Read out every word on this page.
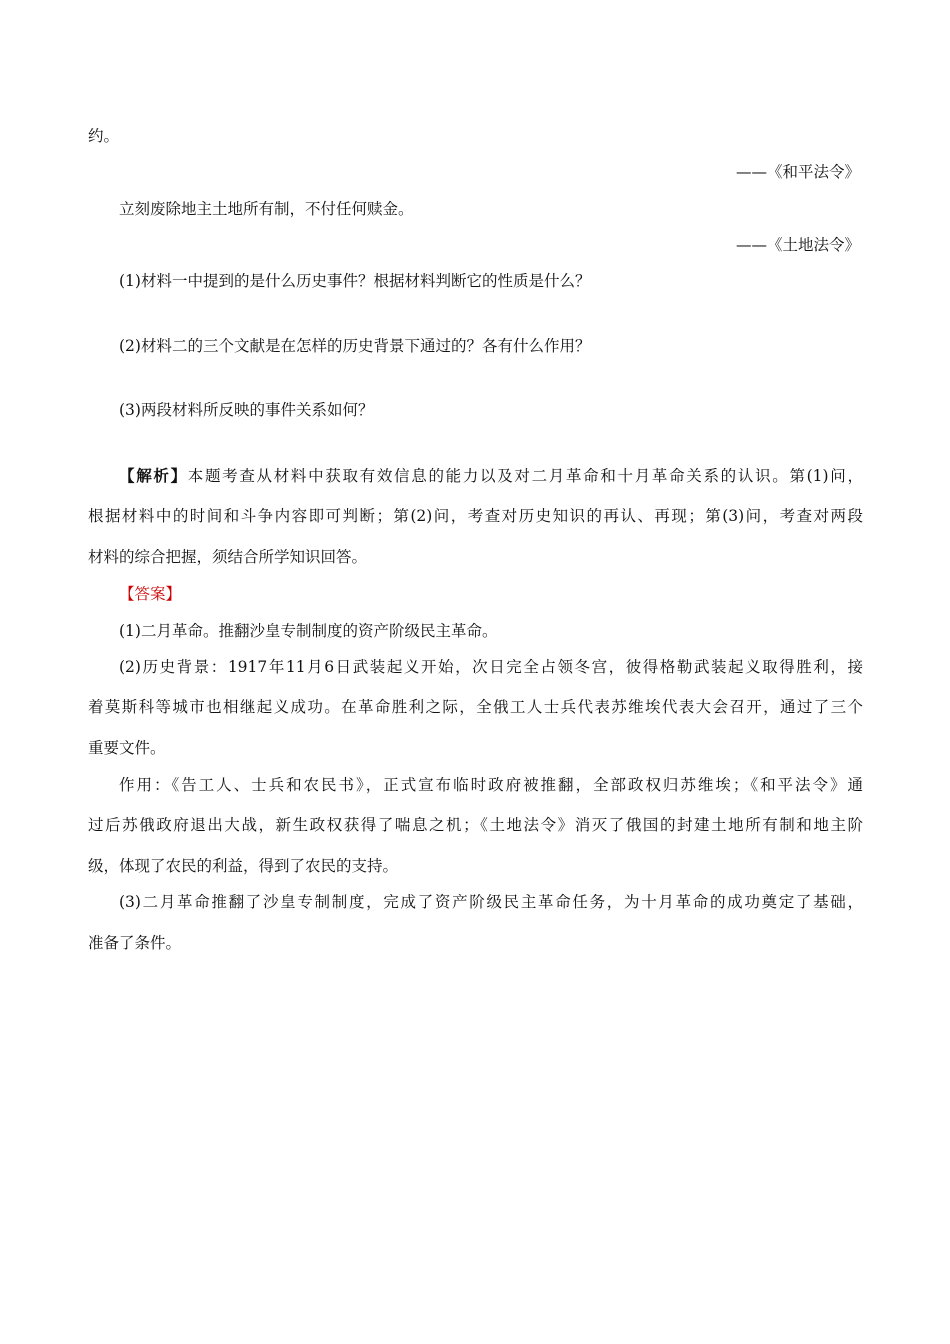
约。
——《和平法令》
立刻废除地主土地所有制，不付任何赎金。
——《土地法令》
(1)材料一中提到的是什么历史事件？根据材料判断它的性质是什么？
(2)材料二的三个文献是在怎样的历史背景下通过的？各有什么作用？
(3)两段材料所反映的事件关系如何？
【解析】本题考查从材料中获取有效信息的能力以及对二月革命和十月革命关系的认识。第(1)问，
根据材料中的时间和斗争内容即可判断；第(2)问，考查对历史知识的再认、再现；第(3)问，考查对两段
材料的综合把握，须结合所学知识回答。
【答案】
(1)二月革命。推翻沙皇专制制度的资产阶级民主革命。
(2)历史背景：1917年11月6日武装起义开始，次日完全占领冬宫，彼得格勒武装起义取得胜利，接
着莫斯科等城市也相继起义成功。在革命胜利之际，全俄工人士兵代表苏维埃代表大会召开，通过了三个
重要文件。
作用：《告工人、士兵和农民书》，正式宣布临时政府被推翻，全部政权归苏维埃；《和平法令》通
过后苏俄政府退出大战，新生政权获得了喘息之机；《土地法令》消灭了俄国的封建土地所有制和地主阶
级，体现了农民的利益，得到了农民的支持。
(3)二月革命推翻了沙皇专制制度，完成了资产阶级民主革命任务，为十月革命的成功奠定了基础，
准备了条件。
